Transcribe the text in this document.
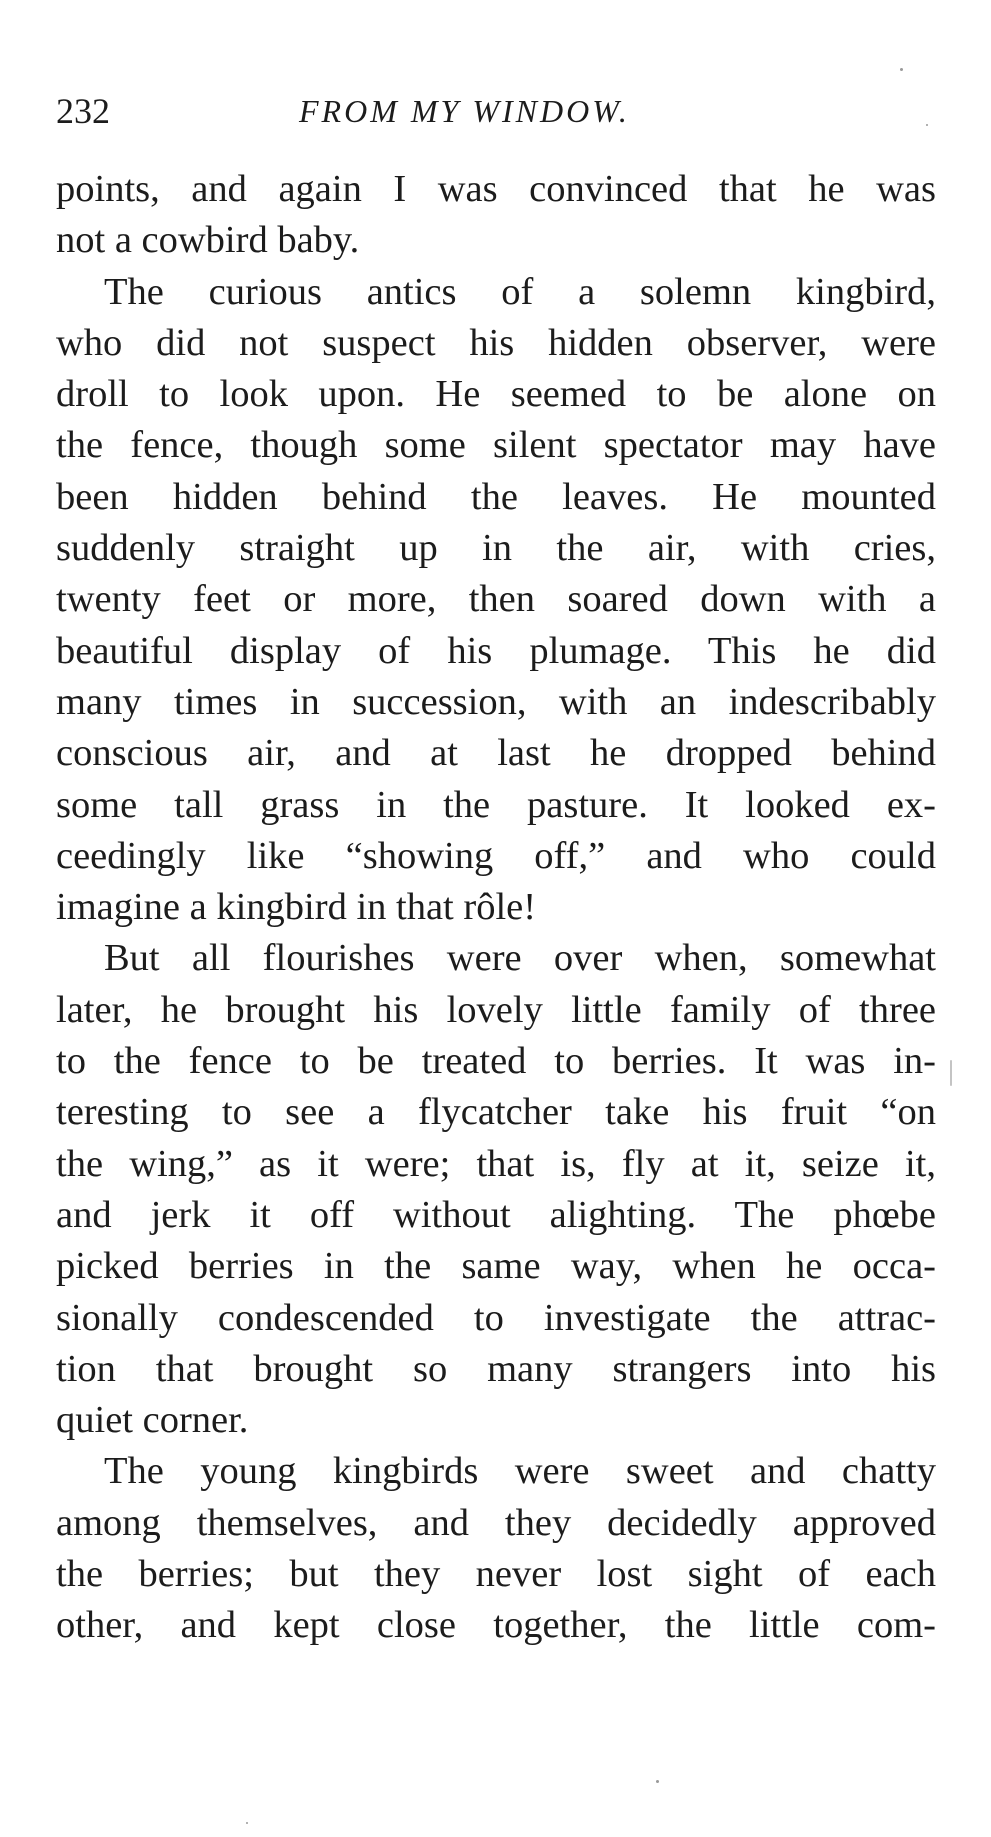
232	FROM MY WINDOW.
points, and again I was convinced that he was
not a cowbird baby.
The curious antics of a solemn kingbird,
who did not suspect his hidden observer, were
droll to look upon. He seemed to be alone on
the fence, though some silent spectator may have
been hidden behind the leaves. He mounted
suddenly straight up in the air, with cries,
twenty feet or more, then soared down with a
beautiful display of his plumage. This he did
many times in succession, with an indescribably
conscious air, and at last he dropped behind
some tall grass in the pasture. It looked ex-
ceedingly like “showing off,” and who could
imagine a kingbird in that rôle!
But all flourishes were over when, somewhat
later, he brought his lovely little family of three
to the fence to be treated to berries. It was in-
teresting to see a flycatcher take his fruit “on
the wing,” as it were; that is, fly at it, seize it,
and jerk it off without alighting. The phœbe
picked berries in the same way, when he occa-
sionally condescended to investigate the attrac-
tion that brought so many strangers into his
quiet corner.
The young kingbirds were sweet and chatty
among themselves, and they decidedly approved
the berries; but they never lost sight of each
other, and kept close together, the little com-
